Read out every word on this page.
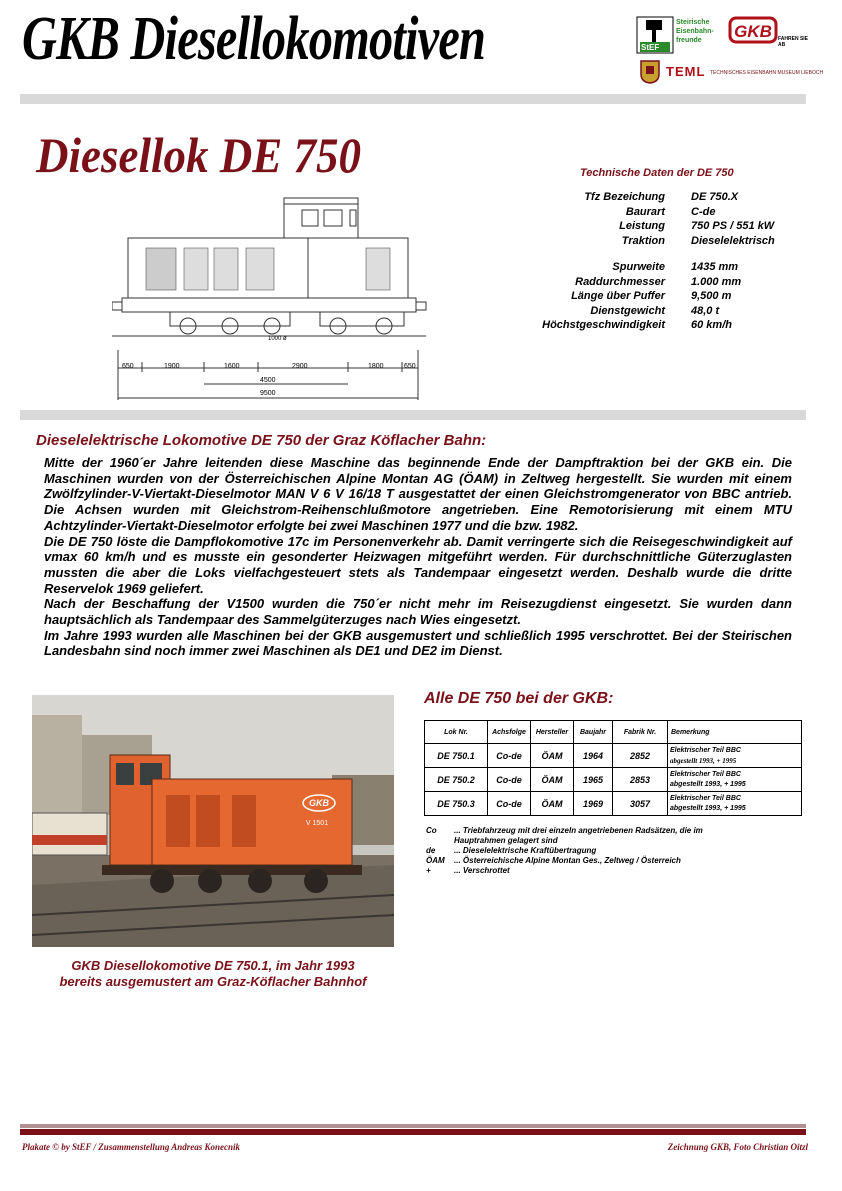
GKB Diesellokomotiven	StEF
Steirische
Eisenbahn-
freunde	GKB FAHREN SIE AB
TEML TECHNISCHES EISENBAHN MUSEUM LIEBOCH
Diesellok DE 750
1000 ø
650	1900	1600	2900	1800	650
4500
9500
Technische Daten der DE 750
Tfz Bezeichung	DE 750.X
Baurart	C-de
Leistung	750 PS / 551 kW
Traktion	Dieselelektrisch

Spurweite	1435 mm
Raddurchmesser	1.000 mm
Länge über Puffer	9,500 m
Dienstgewicht	48,0 t
Höchstgeschwindigkeit	60 km/h
Dieselelektrische Lokomotive DE 750 der Graz Köflacher Bahn:

Mitte der 1960´er Jahre leitenden diese Maschine das beginnende Ende der Dampftraktion bei der GKB ein. Die Maschinen wurden von der Österreichischen Alpine Montan AG (ÖAM) in Zeltweg hergestellt. Sie wurden mit einem Zwölfzylinder-V-Viertakt-Dieselmotor MAN V 6 V 16/18 T ausgestattet der einen Gleichstromgenerator von BBC antrieb. Die Achsen wurden mit Gleichstrom-Reihenschlußmotore angetrieben. Eine Remotorisierung mit einem MTU Achtzylinder-Viertakt-Dieselmotor erfolgte bei zwei Maschinen 1977 und die bzw. 1982.

Die DE 750 löste die Dampflokomotive 17c im Personenverkehr ab. Damit verringerte sich die Reisegeschwindigkeit auf vmax 60 km/h und es musste ein gesonderter Heizwagen mitgeführt werden. Für durchschnittliche Güterzuglasten mussten die aber die Loks vielfachgesteuert stets als Tandempaar eingesetzt werden. Deshalb wurde die dritte Reservelok 1969 geliefert.

Nach der Beschaffung der V1500 wurden die 750´er nicht mehr im Reisezugdienst eingesetzt. Sie wurden dann hauptsächlich als Tandempaar des Sammelgüterzuges nach Wies eingesetzt.

Im Jahre 1993 wurden alle Maschinen bei der GKB ausgemustert und schließlich 1995 verschrottet. Bei der Steirischen Landesbahn sind noch immer zwei Maschinen als DE1 und DE2 im Dienst.

GKB
V 1501
GKB Diesellokomotive DE 750.1, im Jahr 1993
bereits ausgemustert am Graz-Köflacher Bahnhof
Alle DE 750 bei der GKB:
Lok Nr.	Achsfolge	Hersteller	Baujahr	Fabrik Nr.	Bemerkung
DE 750.1	Co-de	ÖAM	1964	2852	Elektrischer Teil BBC
abgestellt 1993, + 1995

DE 750.2	Co-de	ÖAM	1965	2853	Elektrischer Teil BBC
abgestellt 1993, + 1995

DE 750.3	Co-de	ÖAM	1969	3057	Elektrischer Teil BBC
abgestellt 1993, + 1995
Co	... Triebfahrzeug mit drei einzeln angetriebenen Radsätzen, die im Hauptrahmen gelagert sind
de	... Dieselelektrische Kraftübertragung
ÖAM	... Österreichische Alpine Montan Ges., Zeltweg / Österreich
+	... Verschrottet
Plakate © by StEF / Zusammenstellung Andreas Konecnik	Zeichnung GKB, Foto Christian Oitzl
